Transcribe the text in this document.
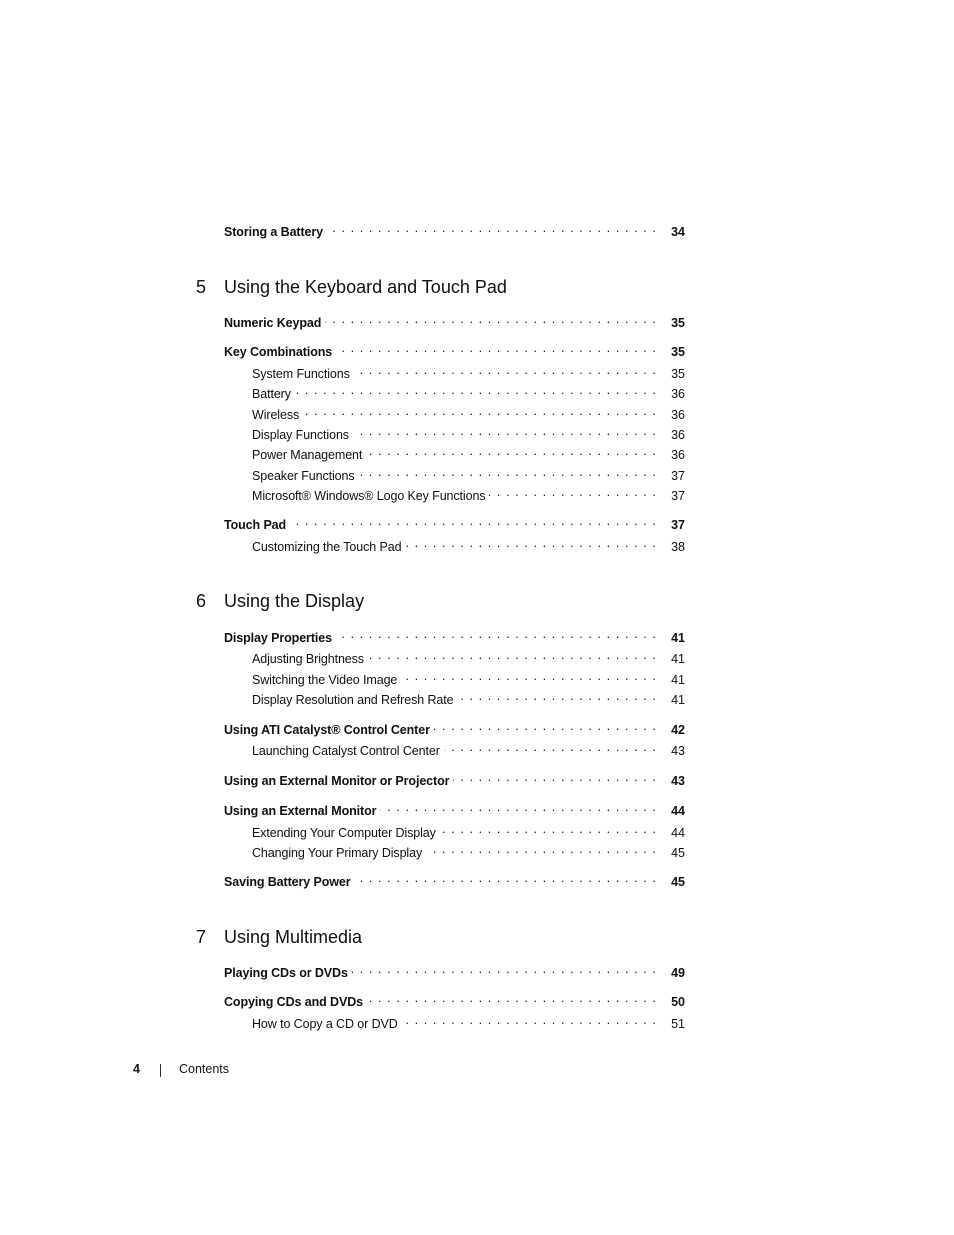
Storing a Battery . . .	34
5 Using the Keyboard and Touch Pad
Numeric Keypad . . .	35
Key Combinations . . .	35
System Functions . . .	35
Battery . . .	36
Wireless . . .	36
Display Functions . . .	36
Power Management . . .	36
Speaker Functions . . .	37
Microsoft® Windows® Logo Key Functions . . .	37
Touch Pad . . .	37
Customizing the Touch Pad . . .	38
6 Using the Display
Display Properties . . .	41
Adjusting Brightness . . .	41
Switching the Video Image . . .	41
Display Resolution and Refresh Rate . . .	41
Using ATI Catalyst® Control Center . . .	42
Launching Catalyst Control Center . . .	43
Using an External Monitor or Projector . . .	43
Using an External Monitor . . .	44
Extending Your Computer Display . . .	44
Changing Your Primary Display . . .	45
Saving Battery Power . . .	45
7 Using Multimedia
Playing CDs or DVDs . . .	49
Copying CDs and DVDs . . .	50
How to Copy a CD or DVD . . .	51
4	Contents
